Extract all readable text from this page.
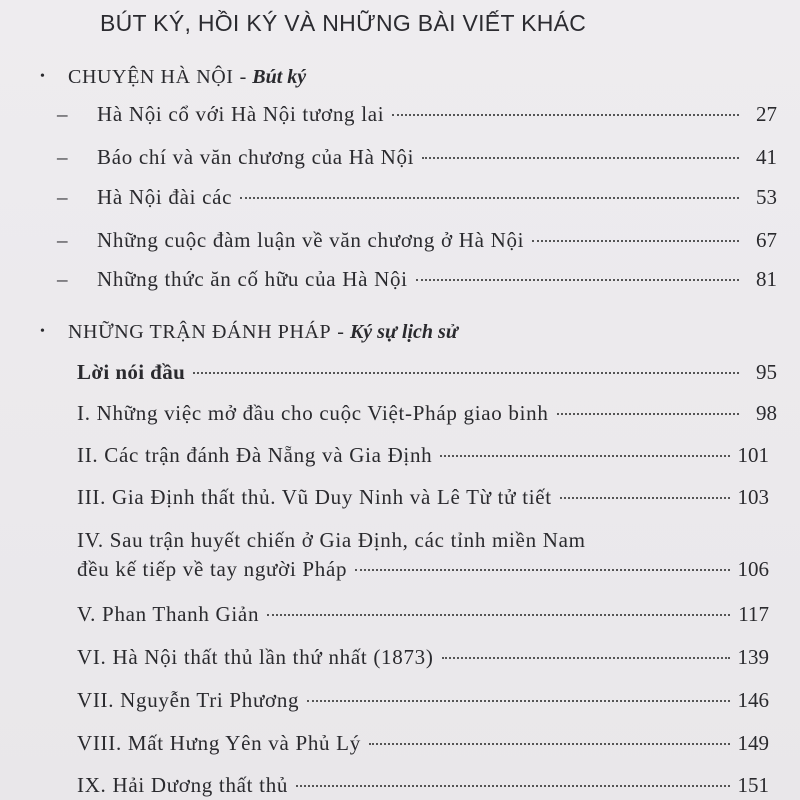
BÚT KÝ, HỒI KÝ VÀ NHỮNG BÀI VIẾT KHÁC
•	CHUYỆN HÀ NỘI - Bút ký
– Hà Nội cổ với Hà Nội tương lai	27
– Báo chí và văn chương của Hà Nội	41
– Hà Nội đài các	53
– Những cuộc đàm luận về văn chương ở Hà Nội	67
– Những thức ăn cố hữu của Hà Nội	81
•	NHỮNG TRẬN ĐÁNH PHÁP - Ký sự lịch sử
Lời nói đầu	95
I. Những việc mở đầu cho cuộc Việt-Pháp giao binh	98
II. Các trận đánh Đà Nẵng và Gia Định	101
III. Gia Định thất thủ. Vũ Duy Ninh và Lê Từ tử tiết	103
IV. Sau trận huyết chiến ở Gia Định, các tỉnh miền Nam
đều kế tiếp về tay người Pháp	106
V. Phan Thanh Giản	117
VI. Hà Nội thất thủ lần thứ nhất (1873)	139
VII. Nguyễn Tri Phương	146
VIII. Mất Hưng Yên và Phủ Lý	149
IX. Hải Dương thất thủ	151
